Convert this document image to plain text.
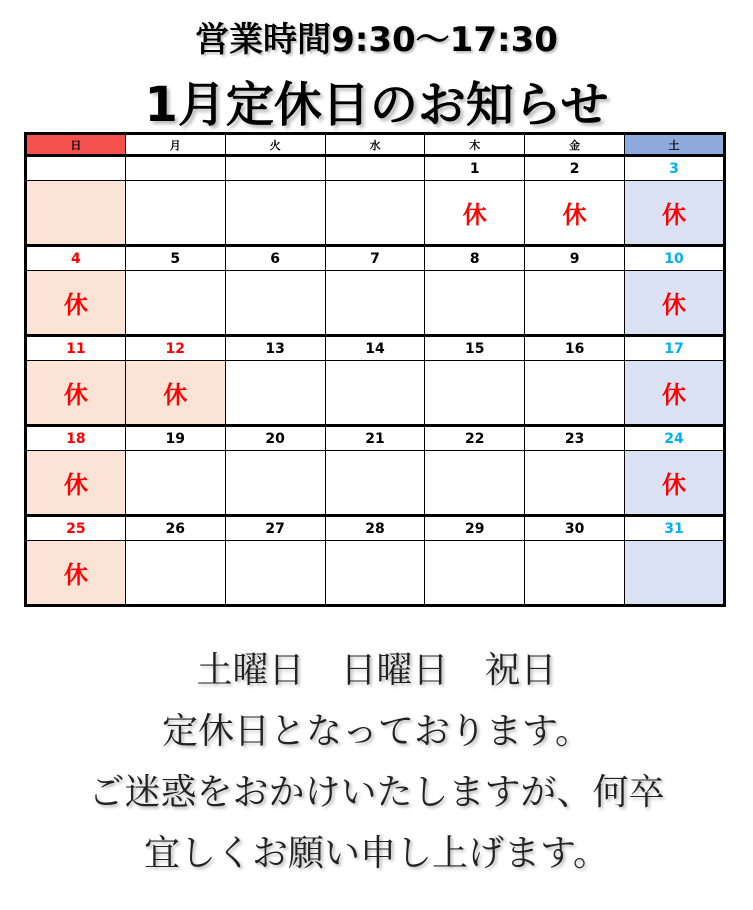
営業時間9:30～17:30
1月定休日のお知らせ
日	月	火	水	木	金	土
				1	2	3
				休	休	休
4	5	6	7	8	9	10
休						休
11	12	13	14	15	16	17
休	休					休
18	19	20	21	22	23	24
休						休
25	26	27	28	29	30	31
休						
土曜日　日曜日　祝日
定休日となっております。
ご迷惑をおかけいたしますが、何卒
宜しくお願い申し上げます。
